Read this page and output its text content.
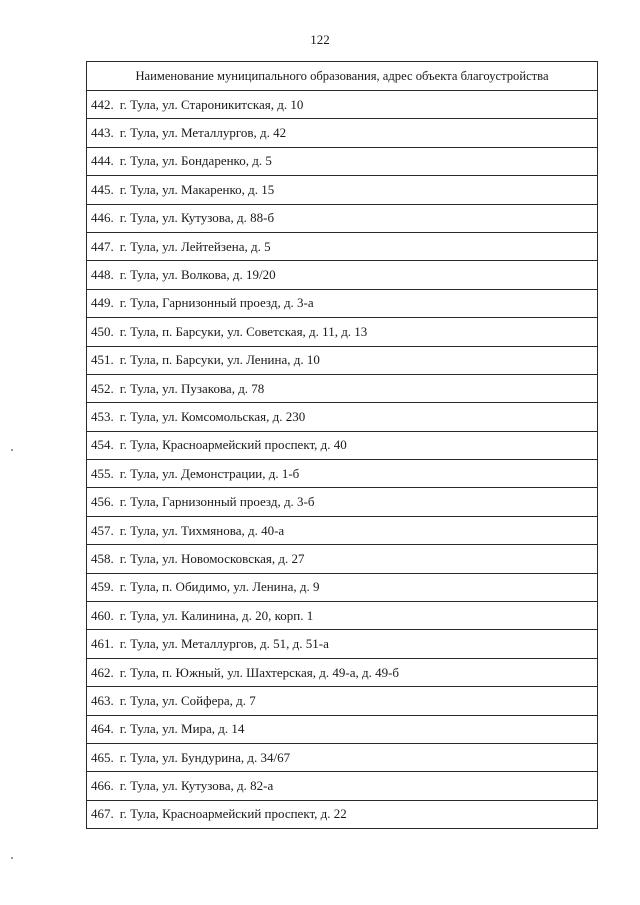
122
Наименование муниципального образования, адрес объекта благоустройства
442. г. Тула, ул. Староникитская, д. 10
443. г. Тула, ул. Металлургов, д. 42
444. г. Тула, ул. Бондаренко, д. 5
445. г. Тула, ул. Макаренко, д. 15
446. г. Тула, ул. Кутузова, д. 88-б
447. г. Тула, ул. Лейтейзена, д. 5
448. г. Тула, ул. Волкова, д. 19/20
449. г. Тула, Гарнизонный проезд, д. 3-а
450. г. Тула, п. Барсуки, ул. Советская, д. 11, д. 13
451. г. Тула, п. Барсуки, ул. Ленина, д. 10
452. г. Тула, ул. Пузакова, д. 78
453. г. Тула, ул. Комсомольская, д. 230
454. г. Тула, Красноармейский проспект, д. 40
455. г. Тула, ул. Демонстрации, д. 1-б
456. г. Тула, Гарнизонный проезд, д. 3-б
457. г. Тула, ул. Тихмянова, д. 40-а
458. г. Тула, ул. Новомосковская, д. 27
459. г. Тула, п. Обидимо, ул. Ленина, д. 9
460. г. Тула, ул. Калинина, д. 20, корп. 1
461. г. Тула, ул. Металлургов, д. 51, д. 51-а
462. г. Тула, п. Южный, ул. Шахтерская, д. 49-а, д. 49-б
463. г. Тула, ул. Сойфера, д. 7
464. г. Тула, ул. Мира, д. 14
465. г. Тула, ул. Бундурина, д. 34/67
466. г. Тула, ул. Кутузова, д. 82-а
467. г. Тула, Красноармейский проспект, д. 22
